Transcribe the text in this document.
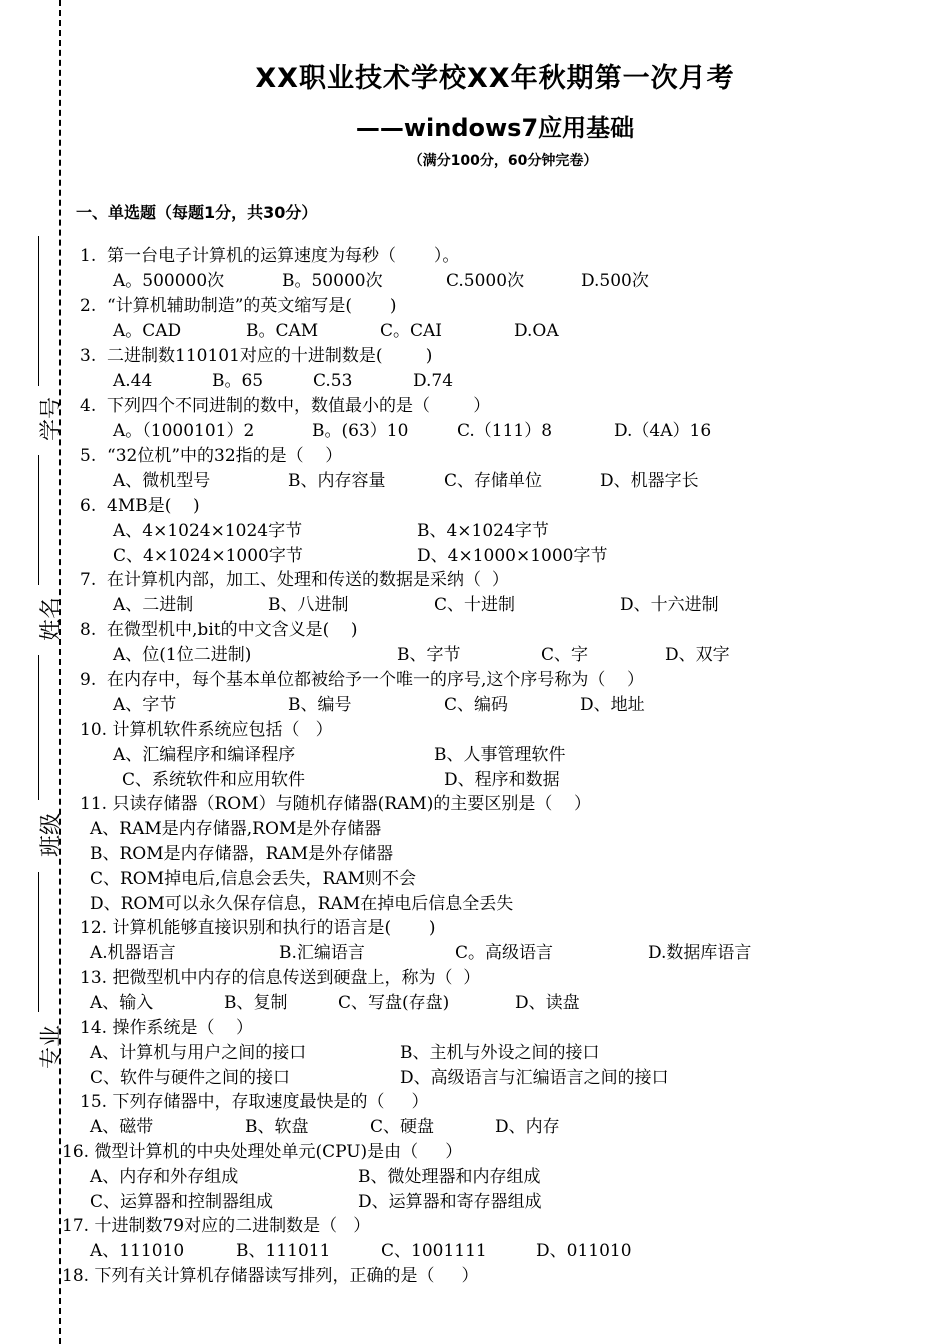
学号
姓名
班级
专业
XX职业技术学校XX年秋期第一次月考
——windows7应用基础
（满分100分，60分钟完卷）
一、单选题（每题1分，共30分）
1.  第一台电子计算机的运算速度为每秒（       ）。
A。500000次	B。50000次	C.5000次	D.500次
2.  “计算机辅助制造”的英文缩写是(       )
A。CAD	B。CAM	C。CAI	D.OA
3.  二进制数110101对应的十进制数是(        )
A.44	B。65	C.53	D.74
4.  下列四个不同进制的数中，数值最小的是（        ）
A。（1000101）2	B。(63）10	C.（111）8	D.（4A）16
5.  “32位机”中的32指的是（    ）
A、微机型号	B、内存容量	C、存储单位	D、机器字长
6.  4MB是(    )
A、4×1024×1024字节	B、4×1024字节
C、4×1024×1000字节	D、4×1000×1000字节
7.  在计算机内部，加工、处理和传送的数据是采纳（  ）
A、二进制	B、八进制	C、十进制	D、十六进制
8.  在微型机中,bit的中文含义是(    )
A、位(1位二进制)	B、字节	C、字	D、双字
9.  在内存中，每个基本单位都被给予一个唯一的序号,这个序号称为（    ）
A、字节	B、编号	C、编码	D、地址
10. 计算机软件系统应包括（   ）
A、汇编程序和编译程序	B、人事管理软件
C、系统软件和应用软件	D、程序和数据
11. 只读存储器（ROM）与随机存储器(RAM)的主要区别是（    ）
A、RAM是内存储器,ROM是外存储器
B、ROM是内存储器，RAM是外存储器
C、ROM掉电后,信息会丢失，RAM则不会
D、ROM可以永久保存信息，RAM在掉电后信息全丢失
12. 计算机能够直接识别和执行的语言是(       )
A.机器语言	B.汇编语言	C。高级语言	D.数据库语言
13. 把微型机中内存的信息传送到硬盘上，称为（  ）
A、输入	B、复制	C、写盘(存盘)	D、读盘
14. 操作系统是（    ）
A、计算机与用户之间的接口	B、主机与外设之间的接口
C、软件与硬件之间的接口	D、高级语言与汇编语言之间的接口
15. 下列存储器中，存取速度最快是的（     ）
A、磁带	B、软盘	C、硬盘	D、内存
16. 微型计算机的中央处理处单元(CPU)是由（     ）
A、内存和外存组成	B、微处理器和内存组成
C、运算器和控制器组成	D、运算器和寄存器组成
17. 十进制数79对应的二进制数是（   ）
A、111010	B、111011	C、1001111	D、011010
18. 下列有关计算机存储器读写排列，正确的是（     ）
